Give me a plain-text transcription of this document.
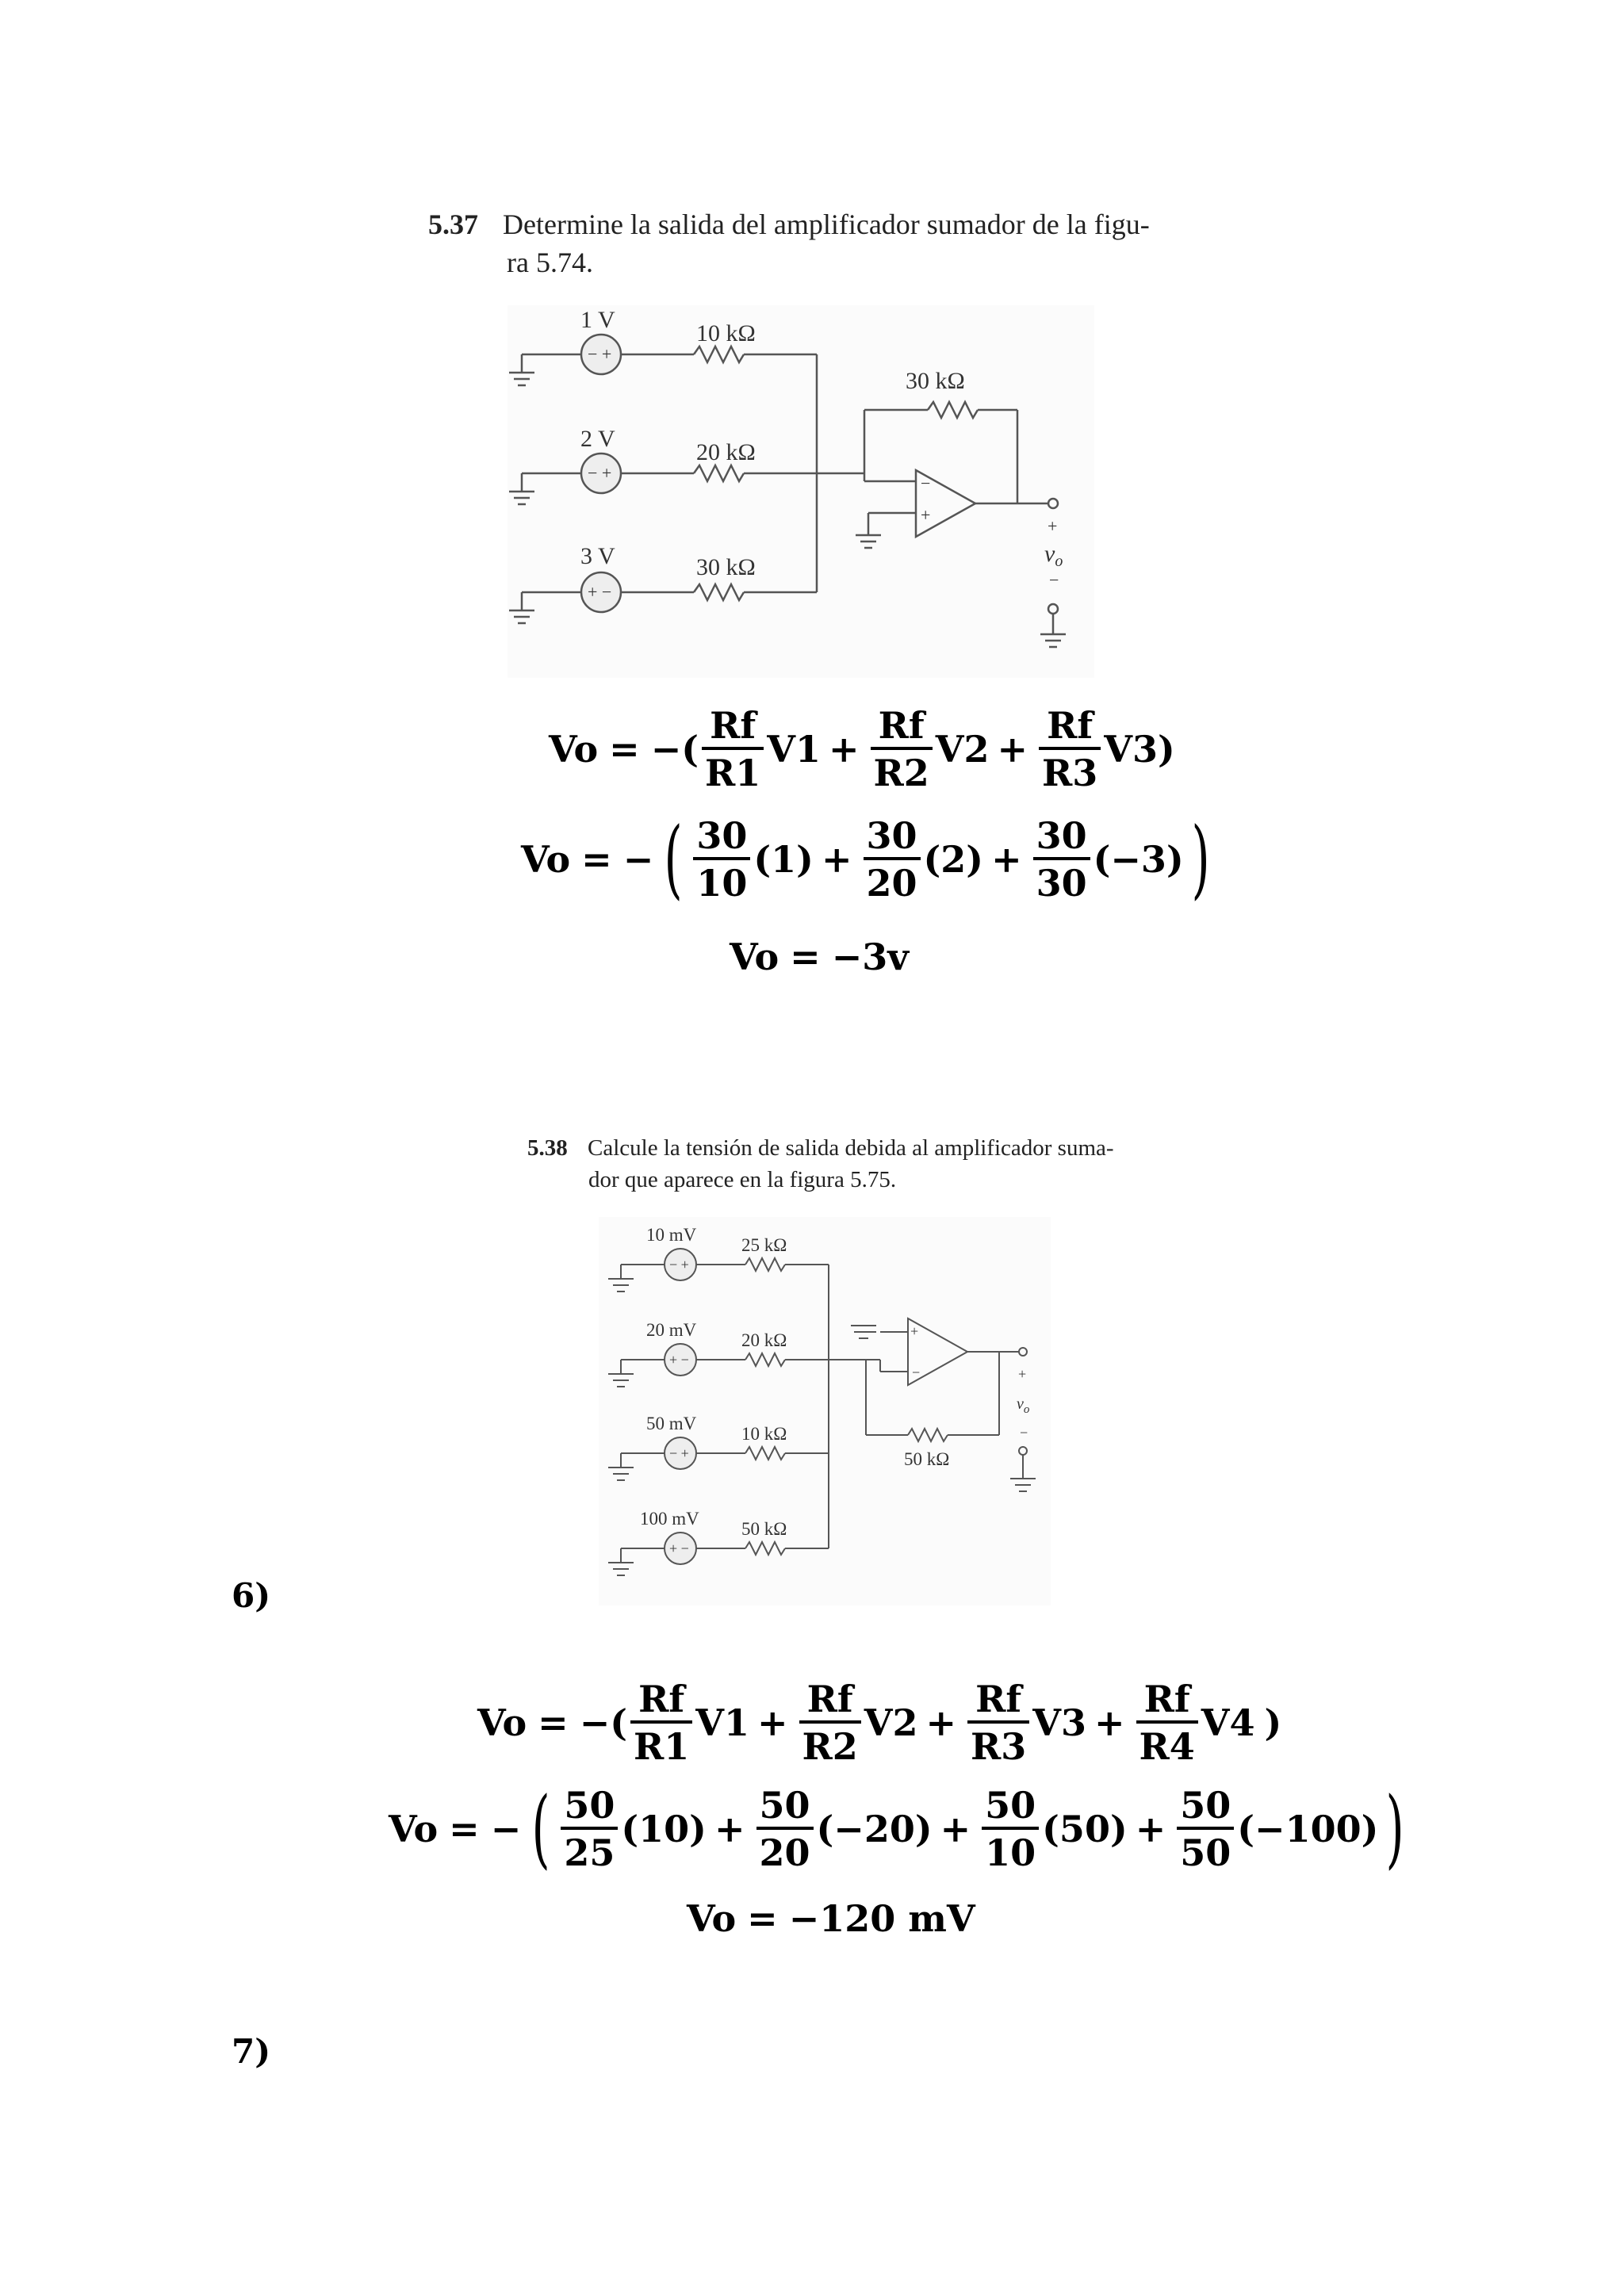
5.37 Determine la salida del amplificador sumador de la figu-
ra 5.74.
− +
− +
+ −
−
+
+
−
1 V
2 V
3 V
10 kΩ
20 kΩ
30 kΩ
30 kΩ
$v_o$
Vo = −( $\frac{Rf}{R1} V1 + \frac{Rf}{R2} V2 + \frac{Rf}{R3} V3$ )
Vo = − ( $\frac{30}{10} (1) + \frac{30}{20} (2) + \frac{30}{30} (-3)$ )
Vo = −3v
5.38 Calcule la tensión de salida debida al amplificador suma-
dor que aparece en la figura 5.75.
− +
+ −
− +
+ −
+
−	+
−
10 mV
20 mV
50 mV
100 mV
25 kΩ
20 kΩ
10 kΩ
50 kΩ
50 kΩ
$v_o$
6)
Vo = −( $\frac{Rf}{R1} V1 + \frac{Rf}{R2} V2 + \frac{Rf}{R3} V3 + \frac{Rf}{R4} V4$ )
Vo = − ( $\frac{50}{25} (10) + \frac{50}{20} (-20) + \frac{50}{10} (50) + \frac{50}{50} (-100)$ )
Vo = −120 mV
7)
